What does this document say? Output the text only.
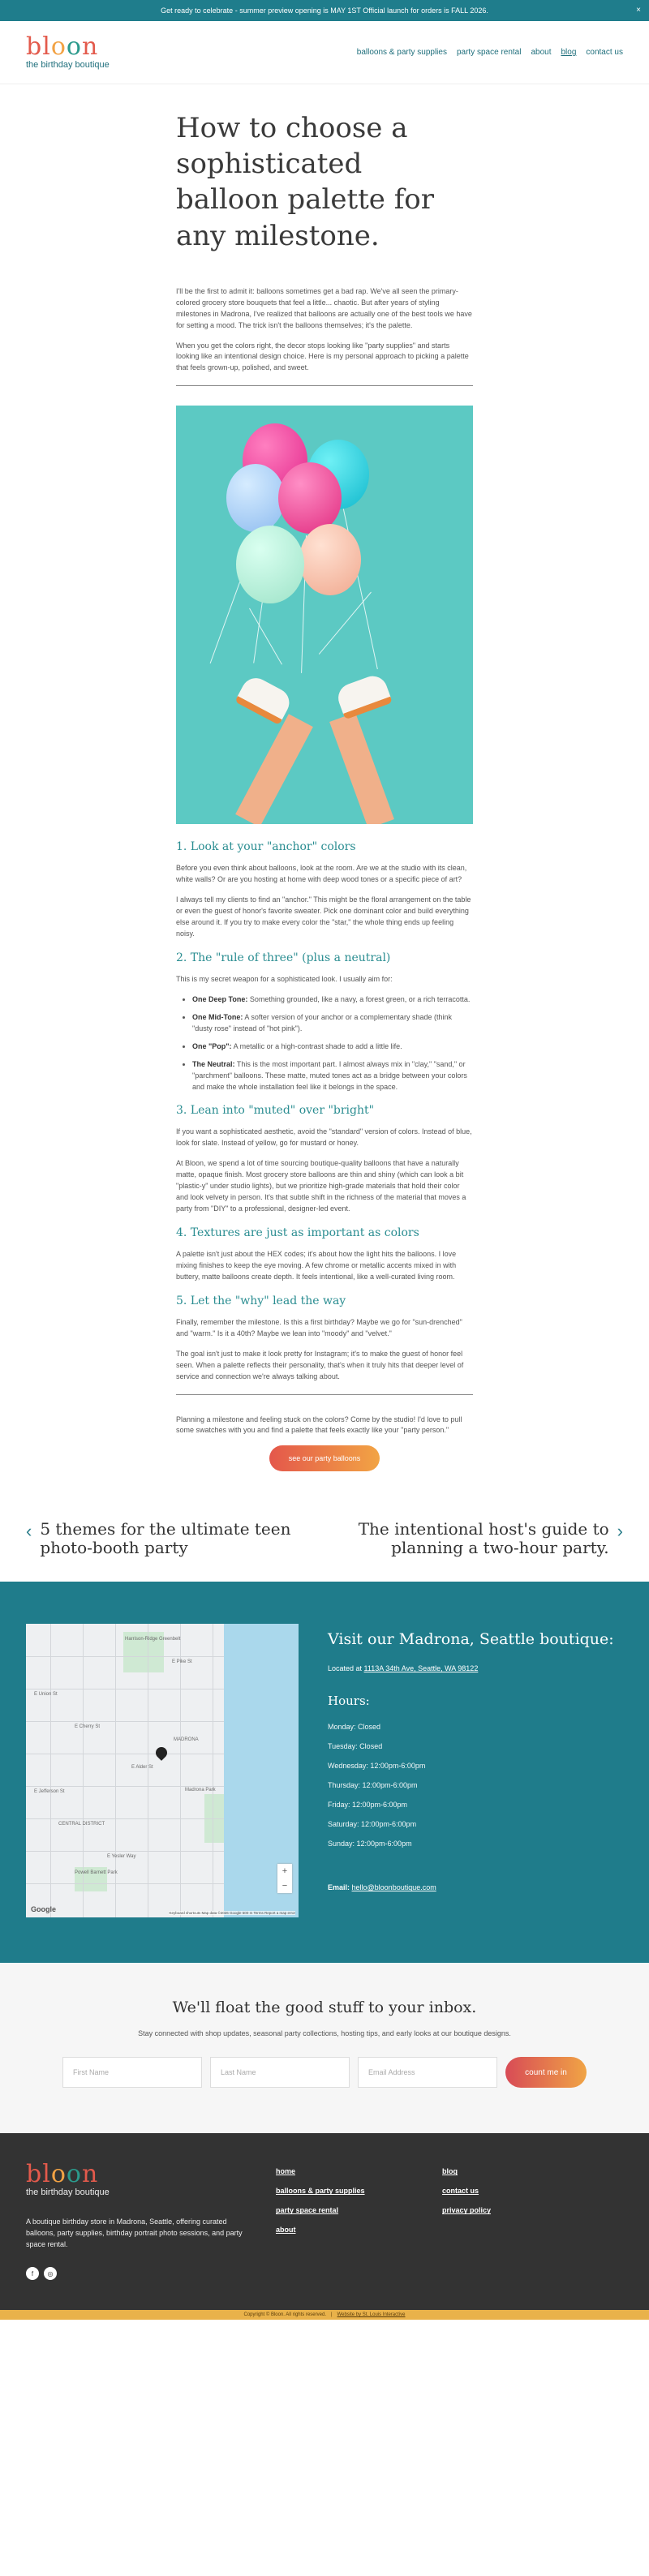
Get ready to celebrate - summer preview opening is MAY 1ST Official launch for orders is FALL 2026.	×
bloon
the birthday boutique
balloons & party supplies party space rental about blog contact us
How to choose a sophisticated balloon palette for any milestone.

I'll be the first to admit it: balloons sometimes get a bad rap. We've all seen the primary-colored grocery store bouquets that feel a little... chaotic. But after years of styling milestones in Madrona, I've realized that balloons are actually one of the best tools we have for setting a mood. The trick isn't the balloons themselves; it's the palette.

When you get the colors right, the decor stops looking like "party supplies" and starts looking like an intentional design choice. Here is my personal approach to picking a palette that feels grown-up, polished, and sweet.

1. Look at your "anchor" colors

Before you even think about balloons, look at the room. Are we at the studio with its clean, white walls? Or are you hosting at home with deep wood tones or a specific piece of art?

I always tell my clients to find an "anchor." This might be the floral arrangement on the table or even the guest of honor's favorite sweater. Pick one dominant color and build everything else around it. If you try to make every color the "star," the whole thing ends up feeling noisy.

2. The "rule of three" (plus a neutral)

This is my secret weapon for a sophisticated look. I usually aim for:

• One Deep Tone: Something grounded, like a navy, a forest green, or a rich terracotta.
• One Mid-Tone: A softer version of your anchor or a complementary shade (think "dusty rose" instead of "hot pink").
• One "Pop": A metallic or a high-contrast shade to add a little life.
• The Neutral: This is the most important part. I almost always mix in "clay," "sand," or "parchment" balloons. These matte, muted tones act as a bridge between your colors and make the whole installation feel like it belongs in the space.
3. Lean into "muted" over "bright"

If you want a sophisticated aesthetic, avoid the "standard" version of colors. Instead of blue, look for slate. Instead of yellow, go for mustard or honey.

At Bloon, we spend a lot of time sourcing boutique-quality balloons that have a naturally matte, opaque finish. Most grocery store balloons are thin and shiny (which can look a bit "plastic-y" under studio lights), but we prioritize high-grade materials that hold their color and look velvety in person. It's that subtle shift in the richness of the material that moves a party from "DIY" to a professional, designer-led event.

4. Textures are just as important as colors

A palette isn't just about the HEX codes; it's about how the light hits the balloons. I love mixing finishes to keep the eye moving. A few chrome or metallic accents mixed in with buttery, matte balloons create depth. It feels intentional, like a well-curated living room.

5. Let the "why" lead the way

Finally, remember the milestone. Is this a first birthday? Maybe we go for "sun-drenched" and "warm." Is it a 40th? Maybe we lean into "moody" and "velvet."

The goal isn't just to make it look pretty for Instagram; it's to make the guest of honor feel seen. When a palette reflects their personality, that's when it truly hits that deeper level of service and connection we're always talking about.

Planning a milestone and feeling stuck on the colors? Come by the studio! I'd love to pull some swatches with you and find a palette that feels exactly like your "party person."

see our party balloons
‹ 5 themes for the ultimate teen photo-booth party
The intentional host's guide to planning a two-hour party.
›
Harrison-Ridge Greenbelt
E Pike St
E Union St
E Cherry St
CENTRAL DISTRICT
Madrona Park
E Jefferson St
MADRONA
E Yesler Way
Powell Barnett Park
E Alder St
+
−
Google	Keyboard shortcuts Map data ©2026 Google 500 m Terms Report a map error
Visit our Madrona, Seattle boutique:
Located at 1113A 34th Ave, Seattle, WA 98122
Hours:
Monday: Closed
Tuesday: Closed
Wednesday: 12:00pm-6:00pm
Thursday: 12:00pm-6:00pm
Friday: 12:00pm-6:00pm
Saturday: 12:00pm-6:00pm
Sunday: 12:00pm-6:00pm
Email: hello@bloonboutique.com
We'll float the good stuff to your inbox.

Stay connected with shop updates, seasonal party collections, hosting tips, and early looks at our boutique designs.

First Name
Last Name
Email Address
count me in
bloon
the birthday boutique

A boutique birthday store in Madrona, Seattle, offering curated balloons, party supplies, birthday portrait photo sessions, and party space rental.

f	◎
home
balloons & party supplies
party space rental
about
blog
contact us
privacy policy
Copyright © Bloon. All rights reserved. | Website by St. Louis Interactive
